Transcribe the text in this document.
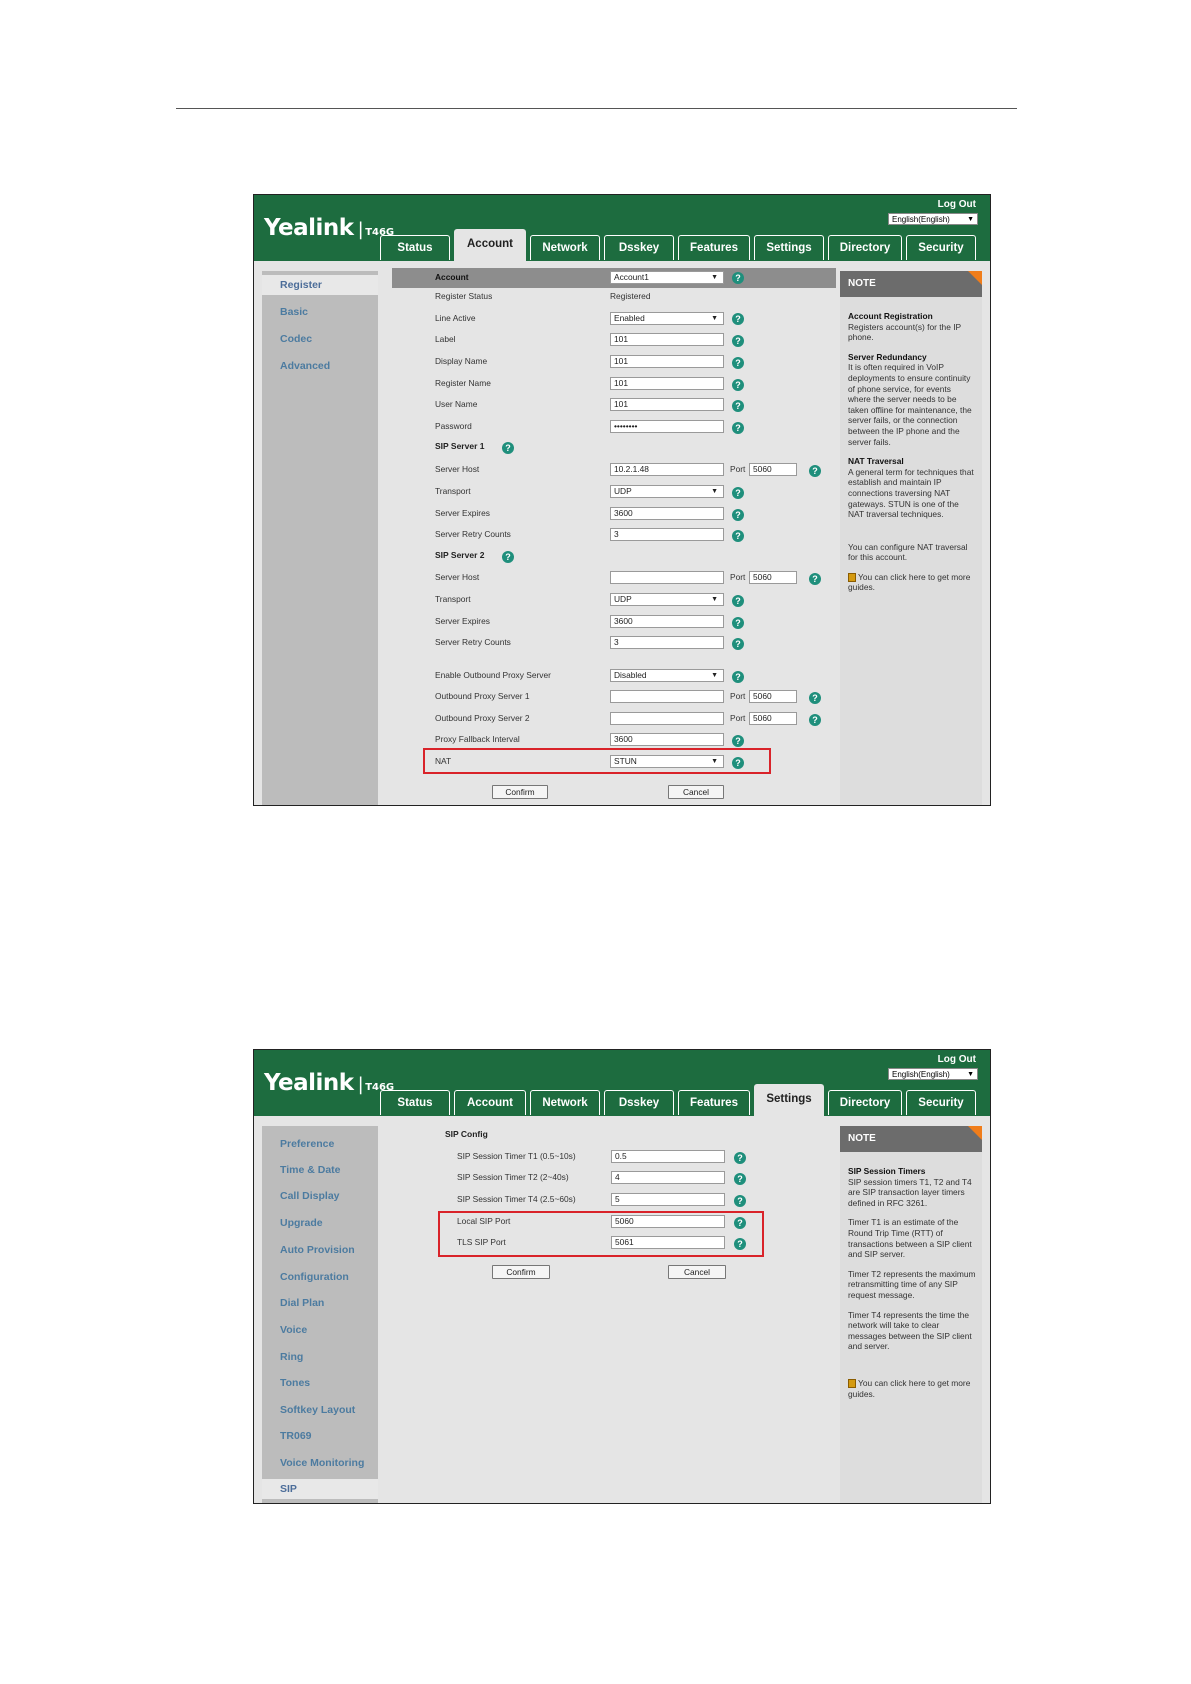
Yealink | T46G
Log Out
English(English) ▼
Status	Account	Network	Dsskey	Features	Settings	Directory	Security
Register
Basic
Codec
Advanced
Account	Account1	▼	?
Register Status	Registered
Line Active	Enabled	▼	?
Label	101	?
Display Name	101	?
Register Name	101	?
User Name	101	?
Password	••••••••	?
SIP Server 1	?
Server Host	10.2.1.48	Port 5060	?
Transport	UDP	▼	?
Server Expires	3600	?
Server Retry Counts	3	?
SIP Server 2	?
Server Host	Port 5060	?
Transport	UDP	▼	?
Server Expires	3600	?
Server Retry Counts	3	?
Enable Outbound Proxy Server	Disabled	▼	?
Outbound Proxy Server 1	Port 5060	?
Outbound Proxy Server 2	Port 5060	?
Proxy Fallback Interval	3600	?
NAT	STUN	▼	?
Confirm	Cancel
NOTE

Account Registration
Registers account(s) for the IP phone.

Server Redundancy
It is often required in VoIP deployments to ensure continuity of phone service, for events where the server needs to be taken offline for maintenance, the server fails, or the connection between the IP phone and the server fails.

NAT Traversal
A general term for techniques that establish and maintain IP connections traversing NAT gateways. STUN is one of the NAT traversal techniques.

You can configure NAT traversal for this account.

You can click here to get more guides.

Yealink | T46G
Log Out
English(English) ▼
Status	Account	Network	Dsskey	Features	Settings	Directory	Security
Preference
Time & Date
Call Display
Upgrade
Auto Provision
Configuration
Dial Plan
Voice
Ring
Tones
Softkey Layout
TR069
Voice Monitoring
SIP
SIP Config
SIP Session Timer T1 (0.5~10s)	0.5	?
SIP Session Timer T2 (2~40s)	4	?
SIP Session Timer T4 (2.5~60s)	5	?
Local SIP Port	5060	?
TLS SIP Port	5061	?
Confirm	Cancel
NOTE

SIP Session Timers
SIP session timers T1, T2 and T4 are SIP transaction layer timers defined in RFC 3261.

Timer T1 is an estimate of the Round Trip Time (RTT) of transactions between a SIP client and SIP server.

Timer T2 represents the maximum retransmitting time of any SIP request message.

Timer T4 represents the time the network will take to clear messages between the SIP client and server.

You can click here to get more guides.
